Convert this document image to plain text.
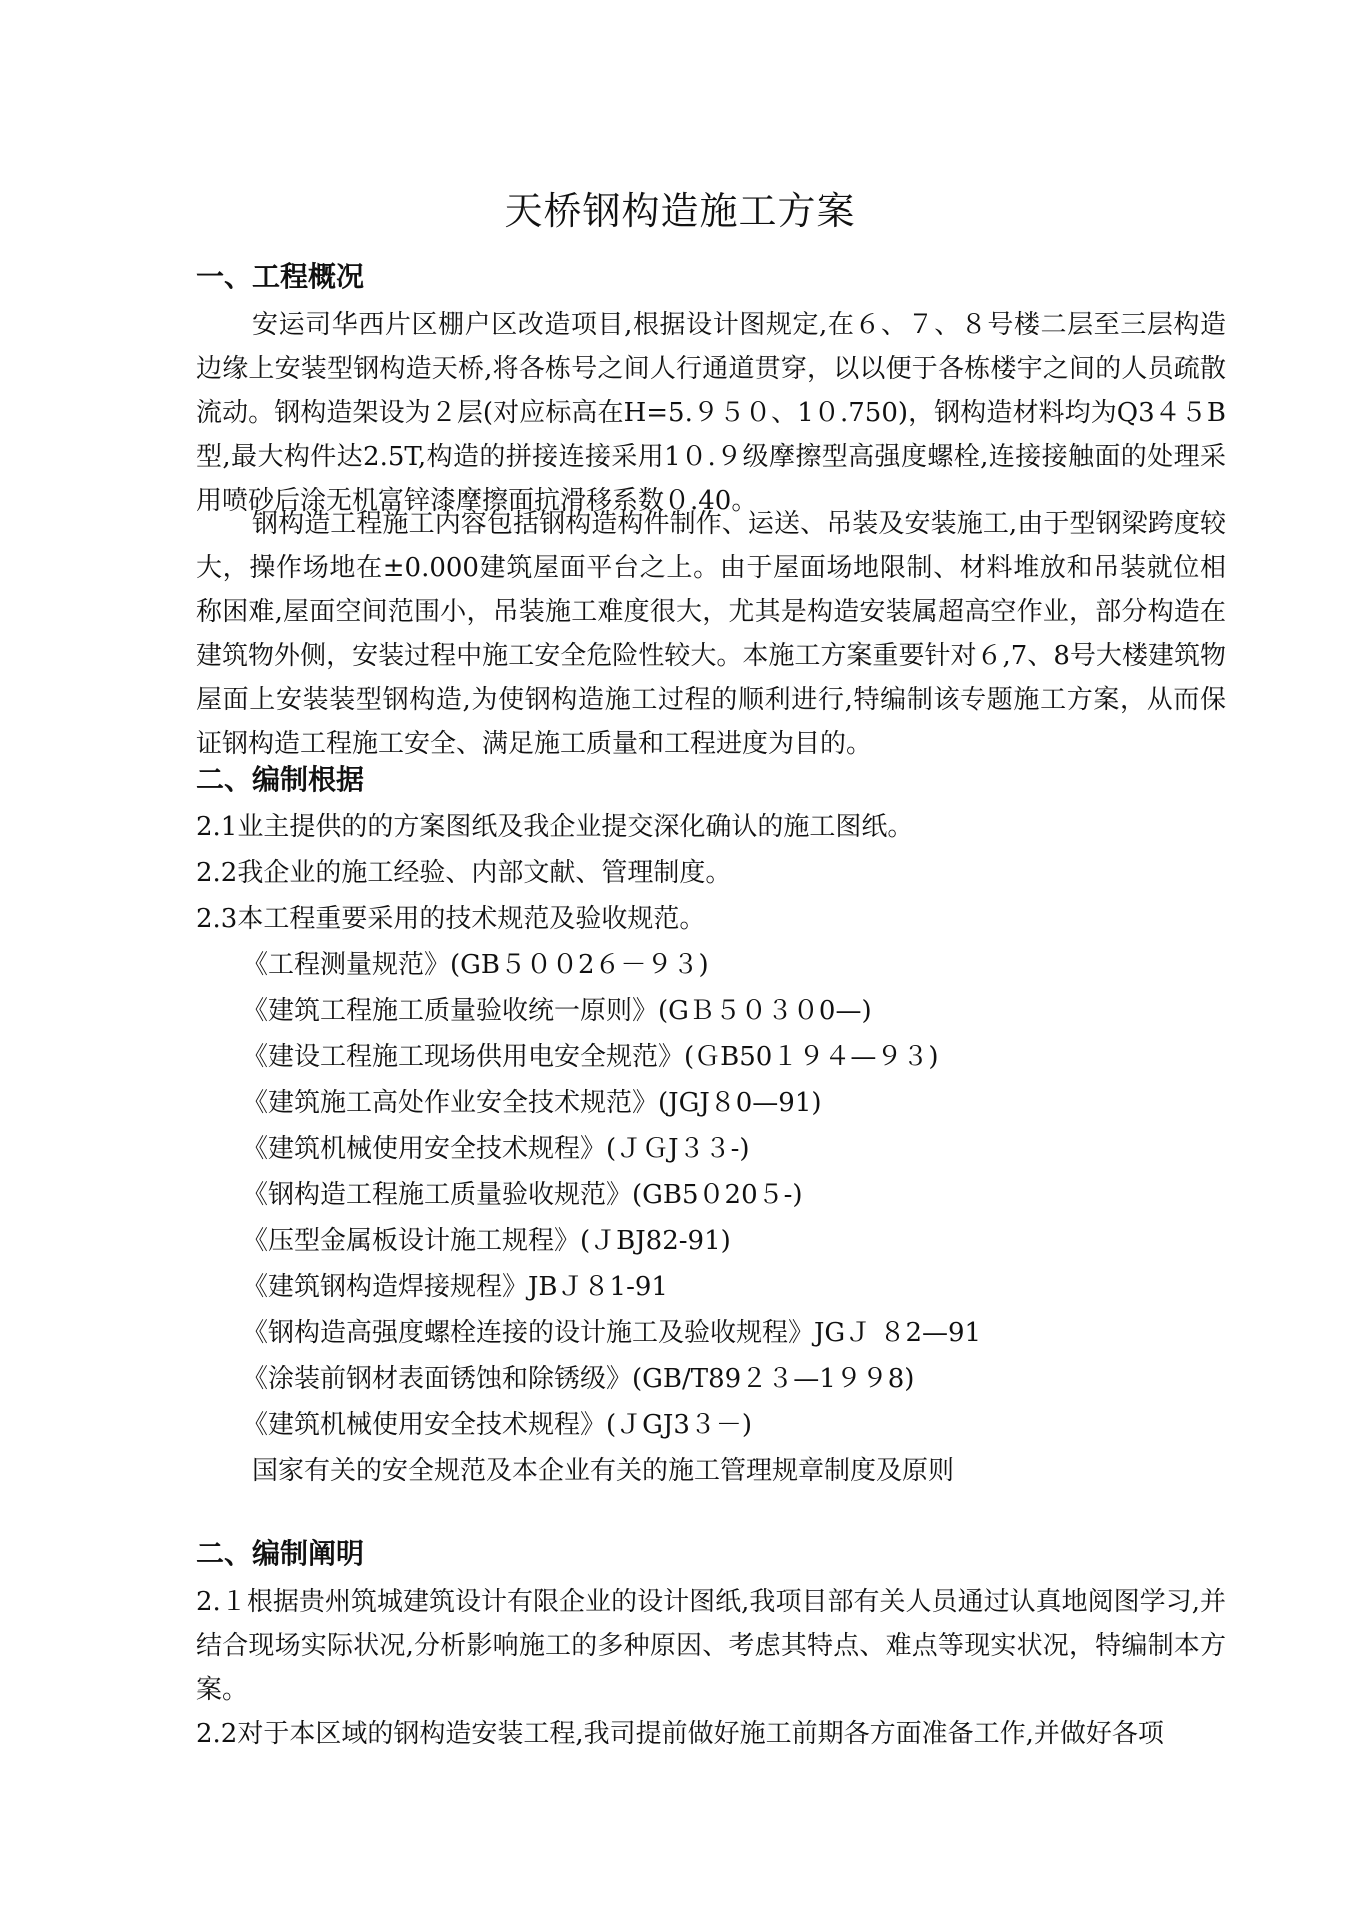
天桥钢构造施工方案
一、工程概况
安运司华西片区棚户区改造项目,根据设计图规定,在６、７、８号楼二层至三层构造边缘上安装型钢构造天桥,将各栋号之间人行通道贯穿，以以便于各栋楼宇之间的人员疏散流动。钢构造架设为２层(对应标高在H=5.９５０、1０.750)，钢构造材料均为Q3４５B型,最大构件达2.5T,构造的拼接连接采用1０.９级摩擦型高强度螺栓,连接接触面的处理采用喷砂后涂无机富锌漆摩擦面抗滑移系数０.40。
钢构造工程施工内容包括钢构造构件制作、运送、吊装及安装施工,由于型钢梁跨度较大，操作场地在±0.000建筑屋面平台之上。由于屋面场地限制、材料堆放和吊装就位相称困难,屋面空间范围小，吊装施工难度很大，尤其是构造安装属超高空作业，部分构造在建筑物外侧，安装过程中施工安全危险性较大。本施工方案重要针对６,7、8号大楼建筑物屋面上安装装型钢构造,为使钢构造施工过程的顺利进行,特编制该专题施工方案，从而保证钢构造工程施工安全、满足施工质量和工程进度为目的。
二、编制根据
2.1业主提供的的方案图纸及我企业提交深化确认的施工图纸。
2.2我企业的施工经验、内部文献、管理制度。
2.3本工程重要采用的技术规范及验收规范。
《工程测量规范》(GB５００2６－９３)
《建筑工程施工质量验收统一原则》(GＢ５０３０0—)
《建设工程施工现场供用电安全规范》(ＧB50１９４—９３)
《建筑施工高处作业安全技术规范》(JGJ８0—91)
《建筑机械使用安全技术规程》(ＪＧJ３３-)
《钢构造工程施工质量验收规范》(GB5０20５-)
《压型金属板设计施工规程》(ＪBJ82-91)
《建筑钢构造焊接规程》JBＪ８1-91
《钢构造高强度螺栓连接的设计施工及验收规程》JGＪ ８2—91
《涂装前钢材表面锈蚀和除锈级》(GB/T89２３—1９９8)
《建筑机械使用安全技术规程》(ＪGJ3３－)
国家有关的安全规范及本企业有关的施工管理规章制度及原则
二、编制阐明
2.１根据贵州筑城建筑设计有限企业的设计图纸,我项目部有关人员通过认真地阅图学习,并结合现场实际状况,分析影响施工的多种原因、考虑其特点、难点等现实状况，特编制本方案。
2.2对于本区域的钢构造安装工程,我司提前做好施工前期各方面准备工作,并做好各项
